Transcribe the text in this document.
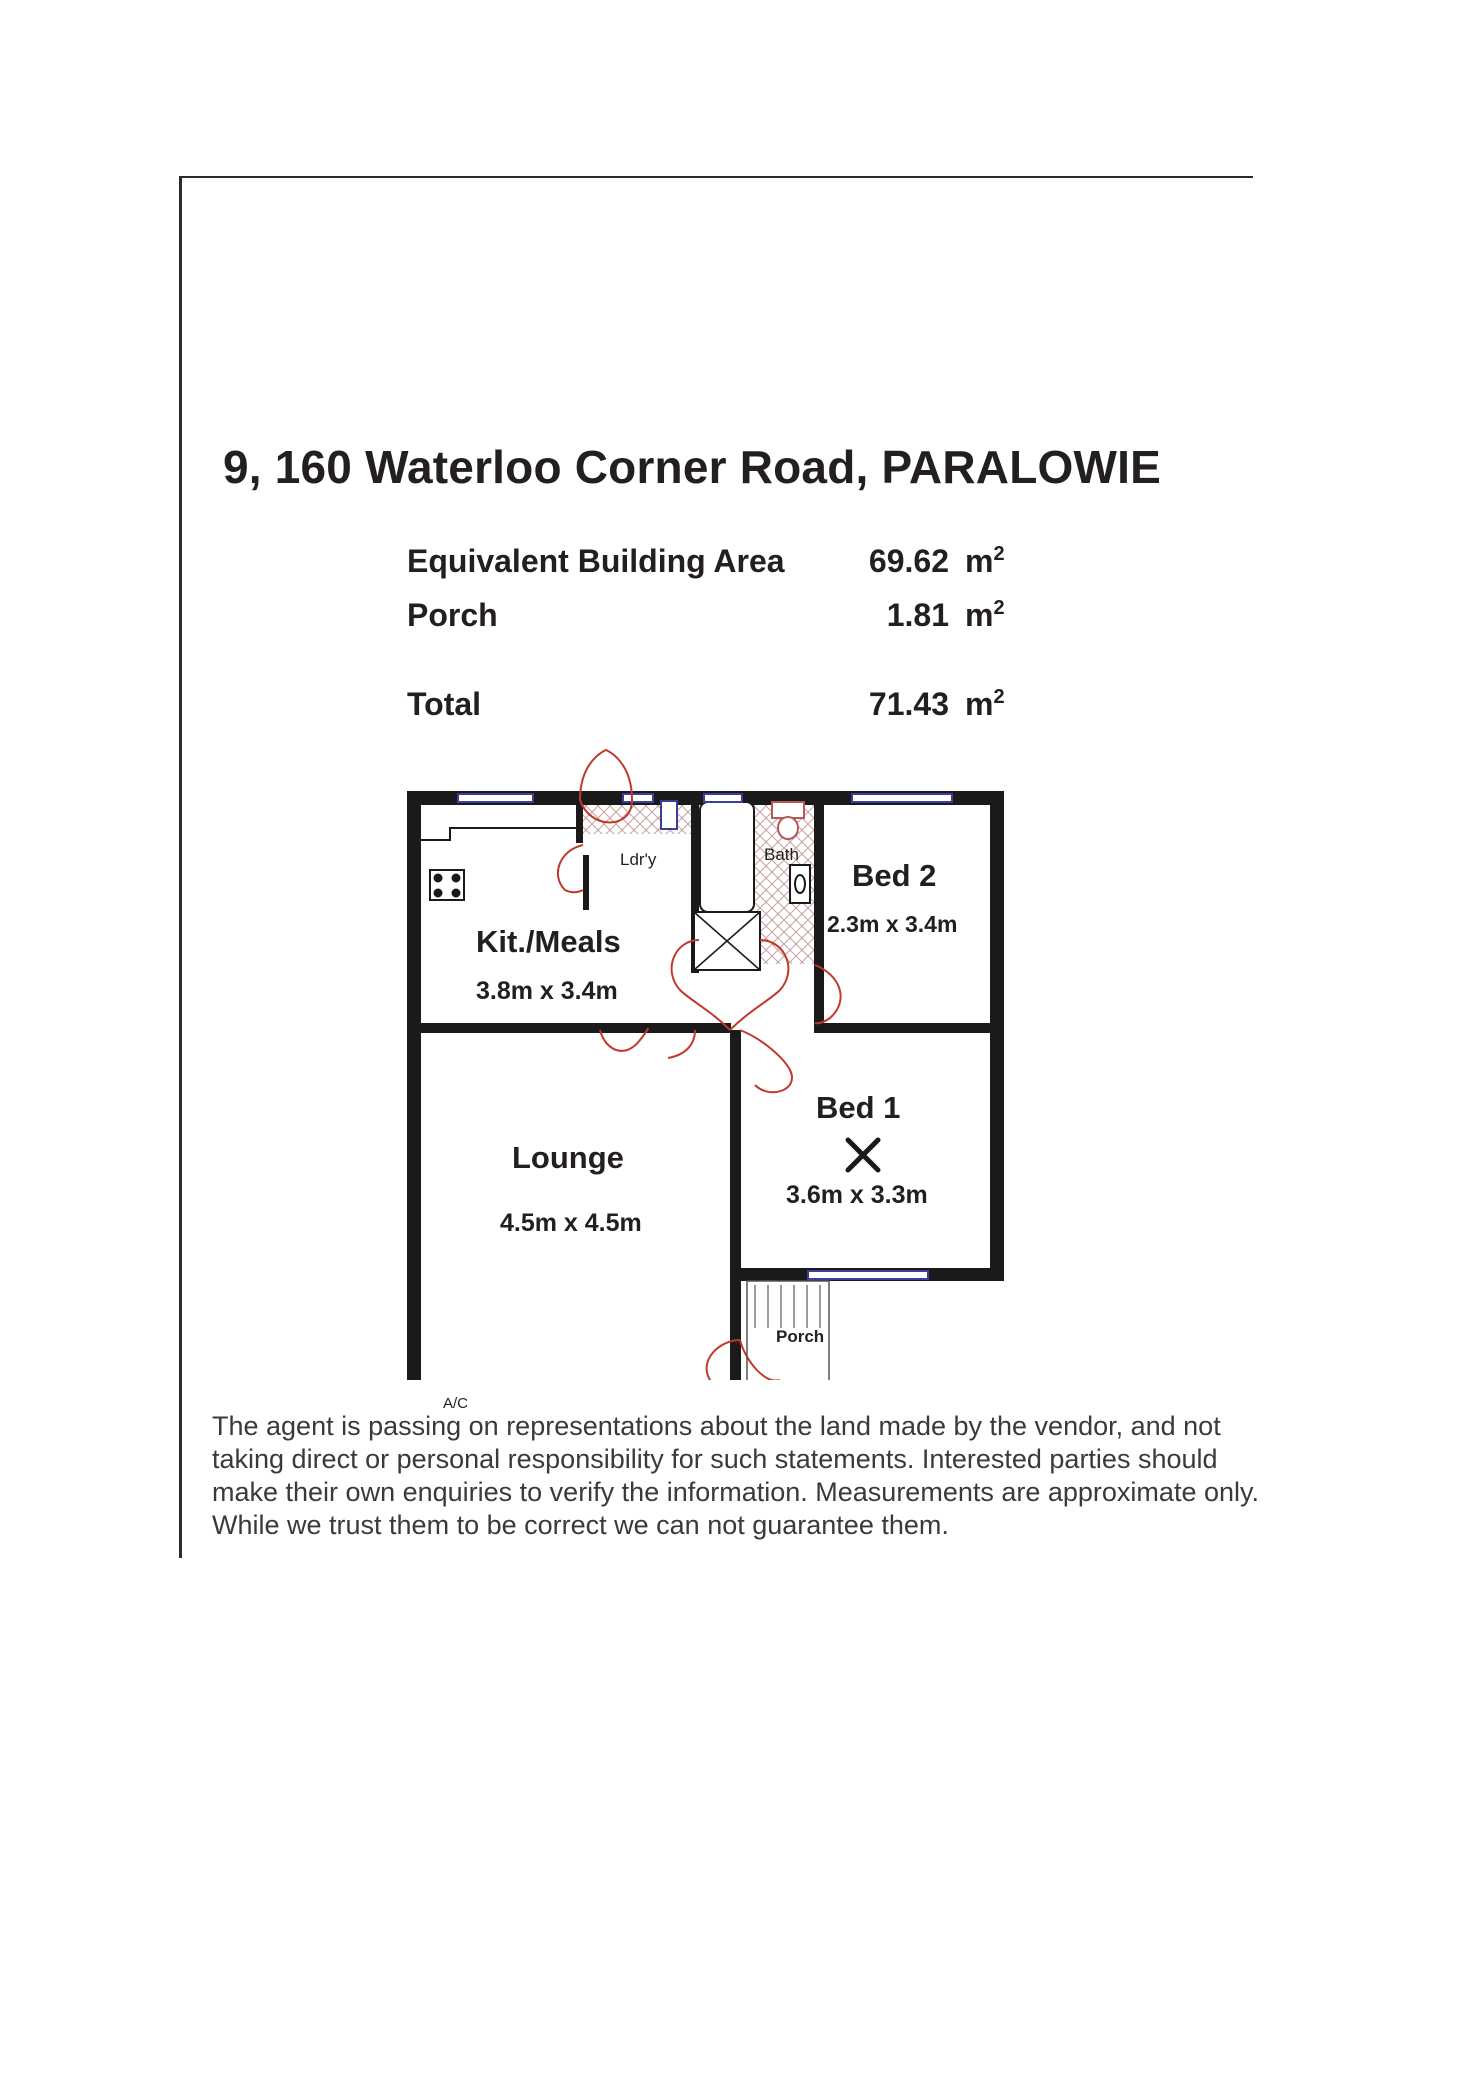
9, 160 Waterloo Corner Road, PARALOWIE
Equivalent Building Area	69.62 $m^2$
Porch	1.81 $m^2$
Total	71.43 $m^2$
Ldr'y	Bath
Bed 2
2.3m x 3.4m
Kit./Meals
3.8m x 3.4m
Bed 1
3.6m x 3.3m
Lounge
4.5m x 4.5m
Porch
A/C
The agent is passing on representations about the land made by the vendor, and not taking direct or personal responsibility for such statements. Interested parties should make their own enquiries to verify the information. Measurements are approximate only. While we trust them to be correct we can not guarantee them.
